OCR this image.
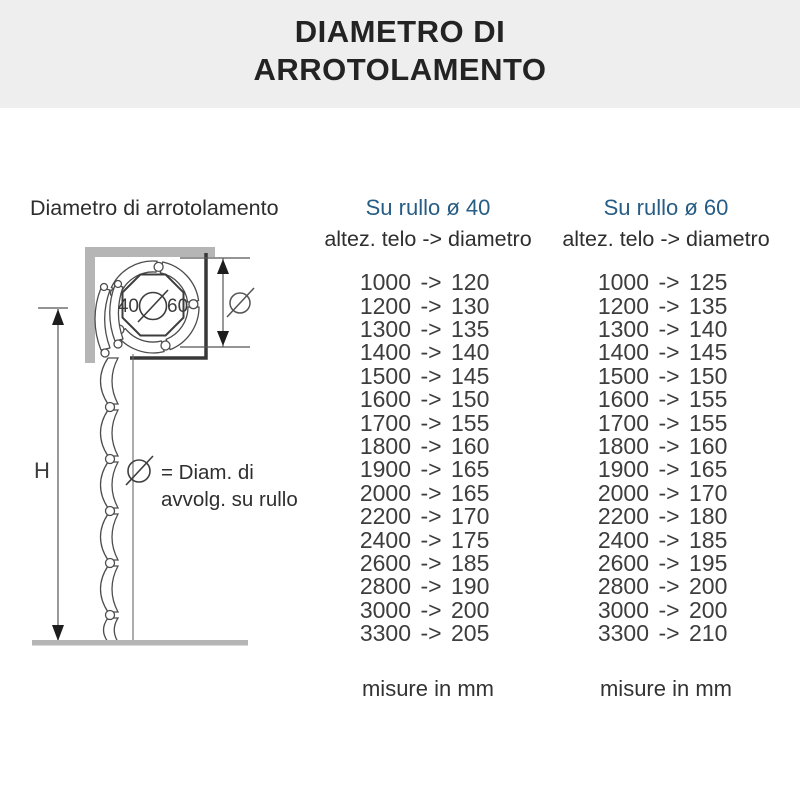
DIAMETRO DI
ARROTOLAMENTO
Diametro di arrotolamento
40 60
H	= Diam. di
avvolg. su rullo
Su rullo ø 40
altez. telo -> diametro
1000 -> 120
1200 -> 130
1300 -> 135
1400 -> 140
1500 -> 145
1600 -> 150
1700 -> 155
1800 -> 160
1900 -> 165
2000 -> 165
2200 -> 170
2400 -> 175
2600 -> 185
2800 -> 190
3000 -> 200
3300 -> 205
misure in mm
Su rullo ø 60
altez. telo -> diametro
1000 -> 125
1200 -> 135
1300 -> 140
1400 -> 145
1500 -> 150
1600 -> 155
1700 -> 155
1800 -> 160
1900 -> 165
2000 -> 170
2200 -> 180
2400 -> 185
2600 -> 195
2800 -> 200
3000 -> 200
3300 -> 210
misure in mm
